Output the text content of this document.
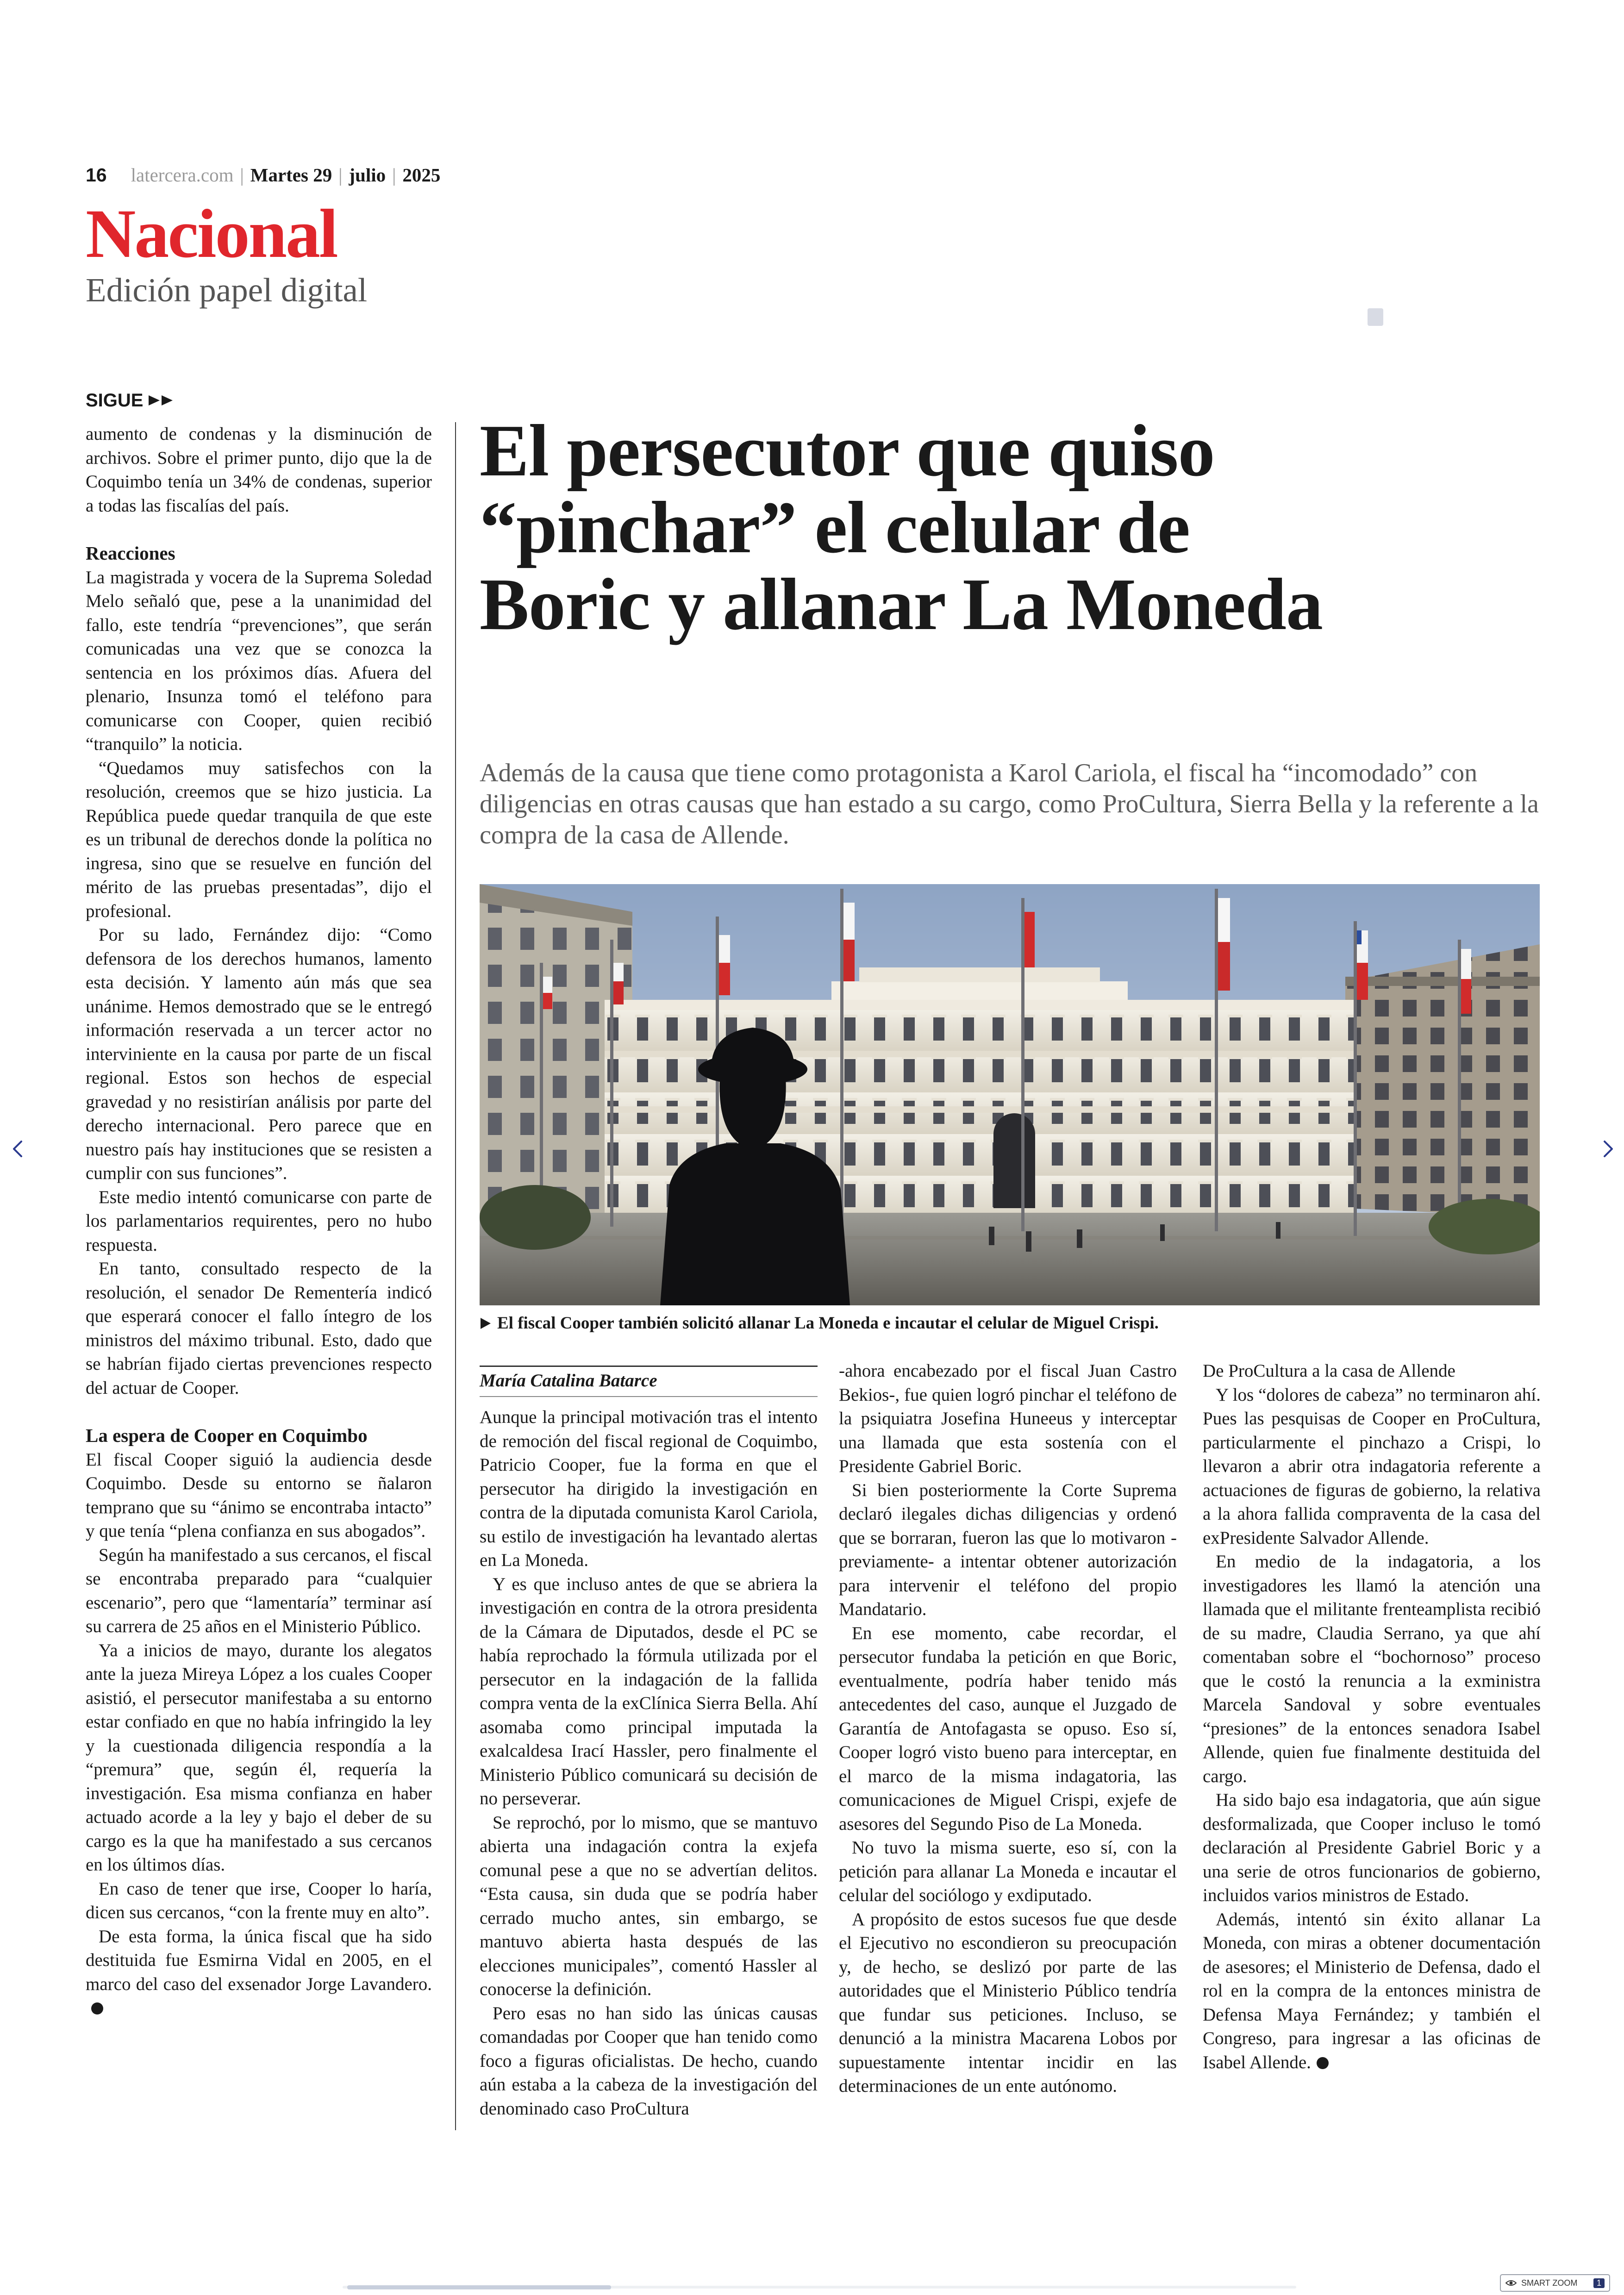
16 latercera.com | Martes 29 | julio | 2025
Nacional
Edición papel digital
SIGUE

aumento de condenas y la disminución de archivos. Sobre el primer punto, dijo que la de Coquimbo tenía un 34% de condenas, superior a todas las fiscalías del país.

Reacciones

La magistrada y vocera de la Suprema Soledad Melo señaló que, pese a la unanimidad del fallo, este tendría “prevenciones”, que serán comunicadas una vez que se conozca la sentencia en los próximos días. Afuera del plenario, Insunza tomó el teléfono para comunicarse con Cooper, quien recibió “tranquilo” la noticia.

“Quedamos muy satisfechos con la resolución, creemos que se hizo justicia. La República puede quedar tranquila de que este es un tribunal de derechos donde la política no ingresa, sino que se resuelve en función del mérito de las pruebas presentadas”, dijo el profesional.

Por su lado, Fernández dijo: “Como defensora de los derechos humanos, lamento esta decisión. Y lamento aún más que sea unánime. Hemos demostrado que se le entregó información reservada a un tercer actor no interviniente en la causa por parte de un fiscal regional. Estos son hechos de especial gravedad y no resistirían análisis por parte del derecho internacional. Pero parece que en nuestro país hay instituciones que se resisten a cumplir con sus funciones”.

Este medio intentó comunicarse con parte de los parlamentarios requirentes, pero no hubo respuesta.

En tanto, consultado respecto de la resolución, el senador De Rementería indicó que esperará conocer el fallo íntegro de los ministros del máximo tribunal. Esto, dado que se habrían fijado ciertas prevenciones respecto del actuar de Cooper.

La espera de Cooper en Coquimbo

El fiscal Cooper siguió la audiencia desde Coquimbo. Desde su entorno se ñalaron temprano que su “ánimo se encontraba intacto” y que tenía “plena confianza en sus abogados”.

Según ha manifestado a sus cercanos, el fiscal se encontraba preparado para “cualquier escenario”, pero que “lamentaría” terminar así su carrera de 25 años en el Ministerio Público.

Ya a inicios de mayo, durante los alegatos ante la jueza Mireya López a los cuales Cooper asistió, el persecutor manifestaba a su entorno estar confiado en que no había infringido la ley y la cuestionada diligencia respondía a la “premura” que, según él, requería la investigación. Esa misma confianza en haber actuado acorde a la ley y bajo el deber de su cargo es la que ha manifestado a sus cercanos en los últimos días.

En caso de tener que irse, Cooper lo haría, dicen sus cercanos, “con la frente muy en alto”.

De esta forma, la única fiscal que ha sido destituida fue Esmirna Vidal en 2005, en el marco del caso del exsenador Jorge Lavandero.

El persecutor que quiso
“pinchar” el celular de
Boric y allanar La Moneda
Además de la causa que tiene como protagonista a Karol Cariola, el fiscal ha “incomodado” con diligencias en otras causas que han estado a su cargo, como ProCultura, Sierra Bella y la referente a la compra de la casa de Allende.
El fiscal Cooper también solicitó allanar La Moneda e incautar el celular de Miguel Crispi.
María Catalina Batarce

Aunque la principal motivación tras el intento de remoción del fiscal regional de Coquimbo, Patricio Cooper, fue la forma en que el persecutor ha dirigido la investigación en contra de la diputada comunista Karol Cariola, su estilo de investigación ha levantado alertas en La Moneda.

Y es que incluso antes de que se abriera la investigación en contra de la otrora presidenta de la Cámara de Diputados, desde el PC se había reprochado la fórmula utilizada por el persecutor en la indagación de la fallida compra venta de la exClínica Sierra Bella. Ahí asomaba como principal imputada la exalcaldesa Irací Hassler, pero finalmente el Ministerio Público comunicará su decisión de no perseverar.

Se reprochó, por lo mismo, que se mantuvo abierta una indagación contra la exjefa comunal pese a que no se advertían delitos. “Esta causa, sin duda que se podría haber cerrado mucho antes, sin embargo, se mantuvo abierta hasta después de las elecciones municipales”, comentó Hassler al conocerse la definición.

Pero esas no han sido las únicas causas comandadas por Cooper que han tenido como foco a figuras oficialistas. De hecho, cuando aún estaba a la cabeza de la investigación del denominado caso ProCultura

-ahora encabezado por el fiscal Juan Castro Bekios-, fue quien logró pinchar el teléfono de la psiquiatra Josefina Huneeus y interceptar una llamada que esta sostenía con el Presidente Gabriel Boric.

Si bien posteriormente la Corte Suprema declaró ilegales dichas diligencias y ordenó que se borraran, fueron las que lo motivaron -previamente- a intentar obtener autorización para intervenir el teléfono del propio Mandatario.

En ese momento, cabe recordar, el persecutor fundaba la petición en que Boric, eventualmente, podría haber tenido más antecedentes del caso, aunque el Juzgado de Garantía de Antofagasta se opuso. Eso sí, Cooper logró visto bueno para interceptar, en el marco de la misma indagatoria, las comunicaciones de Miguel Crispi, exjefe de asesores del Segundo Piso de La Moneda.

No tuvo la misma suerte, eso sí, con la petición para allanar La Moneda e incautar el celular del sociólogo y exdiputado.

A propósito de estos sucesos fue que desde el Ejecutivo no escondieron su preocupación y, de hecho, se deslizó por parte de las autoridades que el Ministerio Público tendría que fundar sus peticiones. Incluso, se denunció a la ministra Macarena Lobos por supuestamente intentar incidir en las determinaciones de un ente autónomo.

De ProCultura a la casa de Allende

Y los “dolores de cabeza” no terminaron ahí. Pues las pesquisas de Cooper en ProCultura, particularmente el pinchazo a Crispi, lo llevaron a abrir otra indagatoria referente a actuaciones de figuras de gobierno, la relativa a la ahora fallida compraventa de la casa del exPresidente Salvador Allende.

En medio de la indagatoria, a los investigadores les llamó la atención una llamada que el militante frenteamplista recibió de su madre, Claudia Serrano, ya que ahí comentaban sobre el “bochornoso” proceso que le costó la renuncia a la exministra Marcela Sandoval y sobre eventuales “presiones” de la entonces senadora Isabel Allende, quien fue finalmente destituida del cargo.

Ha sido bajo esa indagatoria, que aún sigue desformalizada, que Cooper incluso le tomó declaración al Presidente Gabriel Boric y a una serie de otros funcionarios de gobierno, incluidos varios ministros de Estado.

Además, intentó sin éxito allanar La Moneda, con miras a obtener documentación de asesores; el Ministerio de Defensa, dado el rol en la compra de la entonces ministra de Defensa Maya Fernández; y también el Congreso, para ingresar a las oficinas de Isabel Allende.

SMART ZOOM	1
